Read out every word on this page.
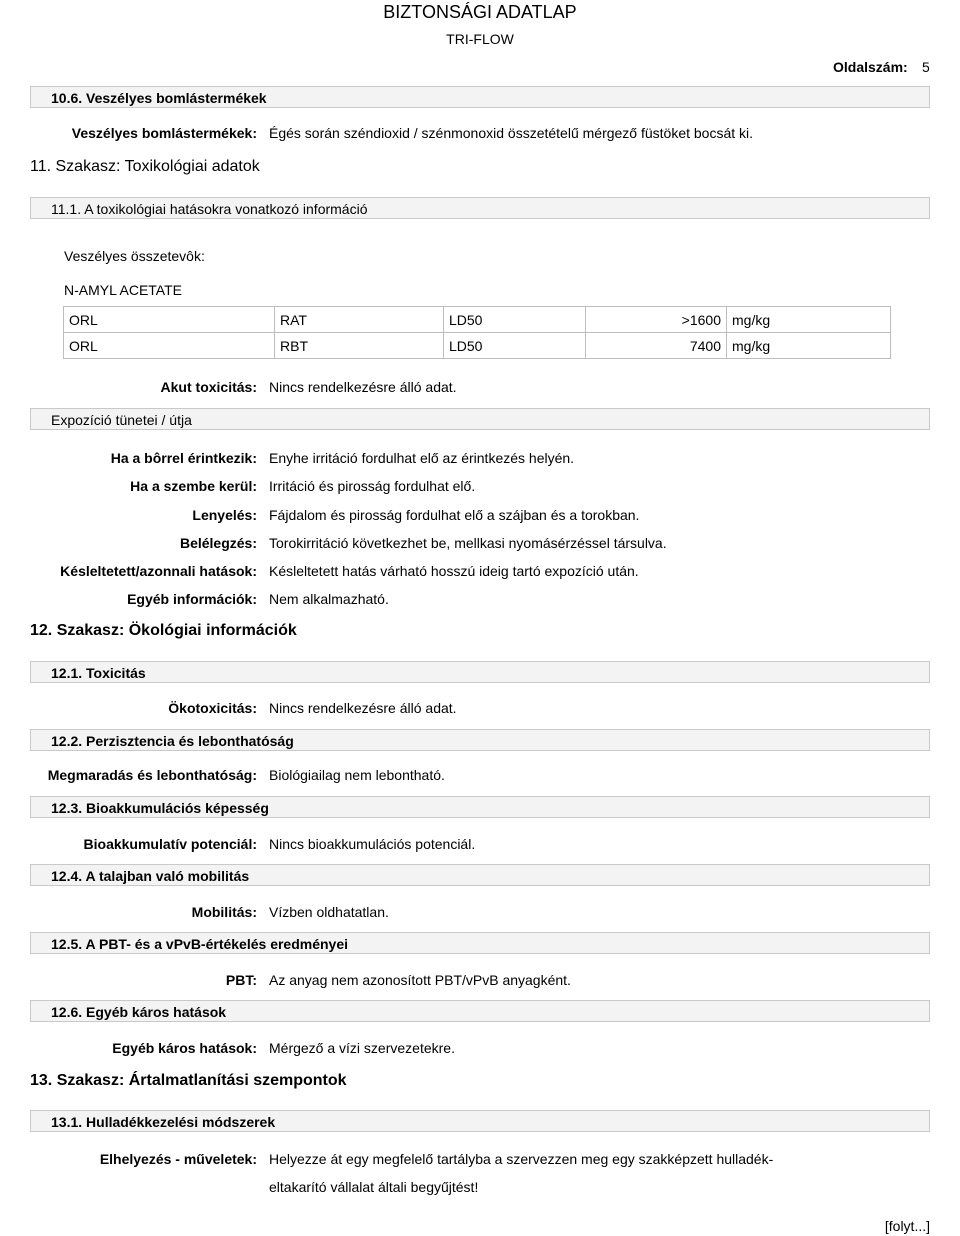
BIZTONSÁGI ADATLAP
TRI-FLOW
Oldalszám: 5
10.6. Veszélyes bomlástermékek
Veszélyes bomlástermékek: Égés során széndioxid / szénmonoxid összetételű mérgező füstöket bocsát ki.
11. Szakasz: Toxikológiai adatok
11.1. A toxikológiai hatásokra vonatkozó információ
Veszélyes összetevôk:
N-AMYL ACETATE
ORL	RAT	LD50	>1600	mg/kg
ORL	RBT	LD50	7400	mg/kg
Akut toxicitás: Nincs rendelkezésre álló adat.
Expozíció tünetei / útja
Ha a bôrrel érintkezik: Enyhe irritáció fordulhat elő az érintkezés helyén.
Ha a szembe kerül: Irritáció és pirosság fordulhat elő.
Lenyelés: Fájdalom és pirosság fordulhat elő a szájban és a torokban.
Belélegzés: Torokirritáció következhet be, mellkasi nyomásérzéssel társulva.
Késleltetett/azonnali hatások: Késleltetett hatás várható hosszú ideig tartó expozíció után.
Egyéb információk: Nem alkalmazható.
12. Szakasz: Ökológiai információk
12.1. Toxicitás
Ökotoxicitás: Nincs rendelkezésre álló adat.
12.2. Perzisztencia és lebonthatóság
Megmaradás és lebonthatóság: Biológiailag nem lebontható.
12.3. Bioakkumulációs képesség
Bioakkumulatív potenciál: Nincs bioakkumulációs potenciál.
12.4. A talajban való mobilitás
Mobilitás: Vízben oldhatatlan.
12.5. A PBT- és a vPvB-értékelés eredményei
PBT: Az anyag nem azonosított PBT/vPvB anyagként.
12.6. Egyéb káros hatások
Egyéb káros hatások: Mérgező a vízi szervezetekre.
13. Szakasz: Ártalmatlanítási szempontok
13.1. Hulladékkezelési módszerek
Elhelyezés - műveletek: Helyezze át egy megfelelő tartályba a szervezzen meg egy szakképzett hulladék-
eltakarító vállalat általi begyűjtést!
[folyt...]
